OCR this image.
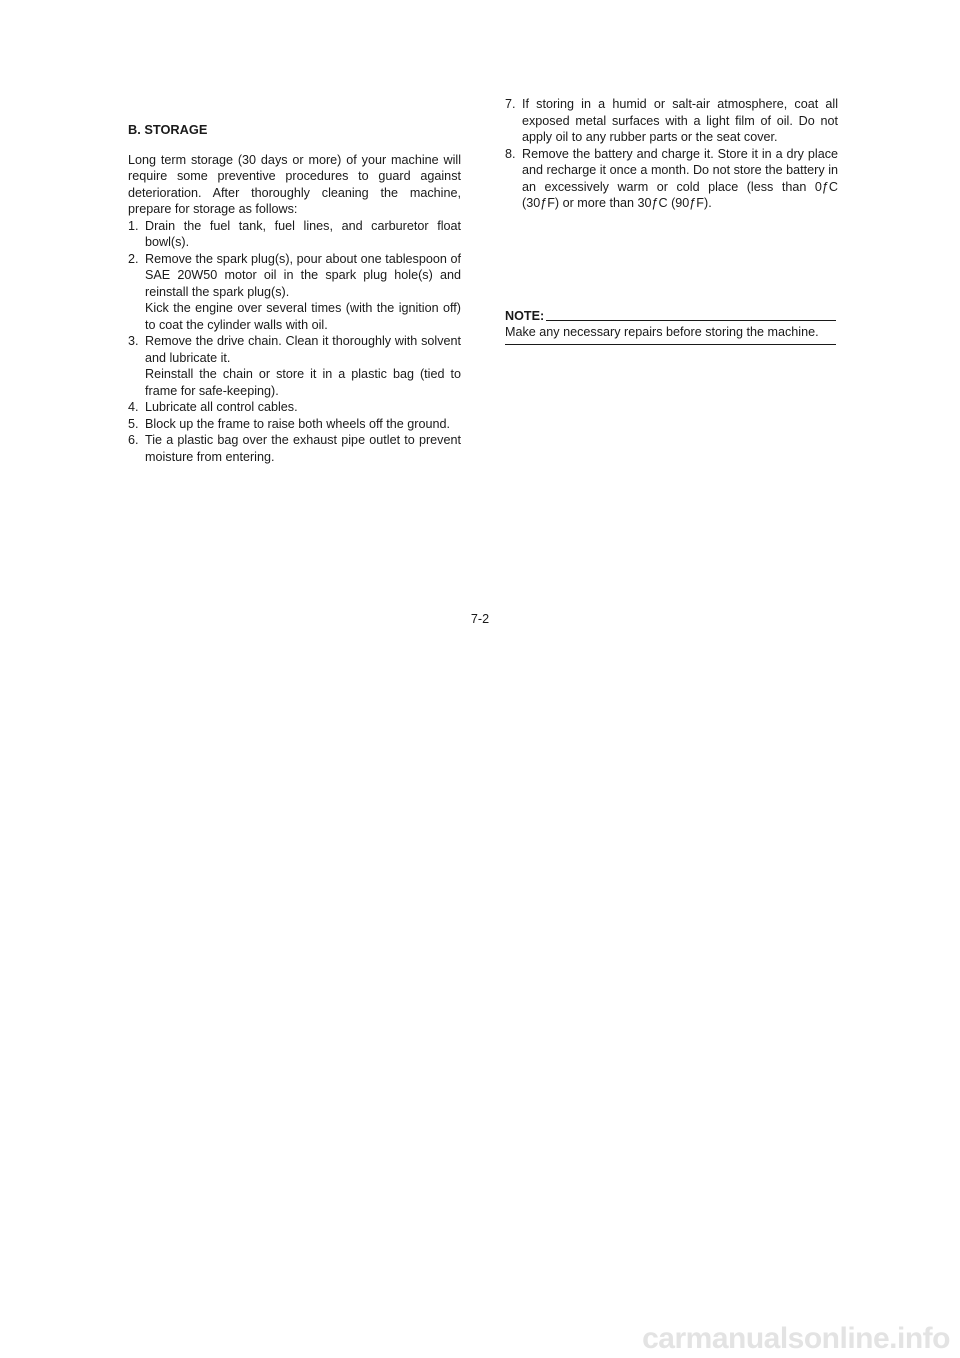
B. STORAGE

Long term storage (30 days or more) of your machine will require some preventive procedures to guard against deterioration. After thoroughly cleaning the machine, prepare for storage as follows:

1. Drain the fuel tank, fuel lines, and carburetor float bowl(s).
2. Remove the spark plug(s), pour about one tablespoon of SAE 20W50 motor oil in the spark plug hole(s) and reinstall the spark plug(s).
Kick the engine over several times (with the ignition off) to coat the cylinder walls with oil.
3. Remove the drive chain. Clean it thoroughly with solvent and lubricate it.
Reinstall the chain or store it in a plastic bag (tied to frame for safe-keeping).
4. Lubricate all control cables.
5. Block up the frame to raise both wheels off the ground.
6. Tie a plastic bag over the exhaust pipe outlet to prevent moisture from entering.
7. If storing in a humid or salt-air atmosphere, coat all exposed metal surfaces with a light film of oil. Do not apply oil to any rubber parts or the seat cover.
8. Remove the battery and charge it. Store it in a dry place and recharge it once a month. Do not store the battery in an excessively warm or cold place (less than 0ƒC (30ƒF) or more than 30ƒC (90ƒF).
NOTE:
Make any necessary repairs before storing the machine.
7-2
carmanualsonline.info
